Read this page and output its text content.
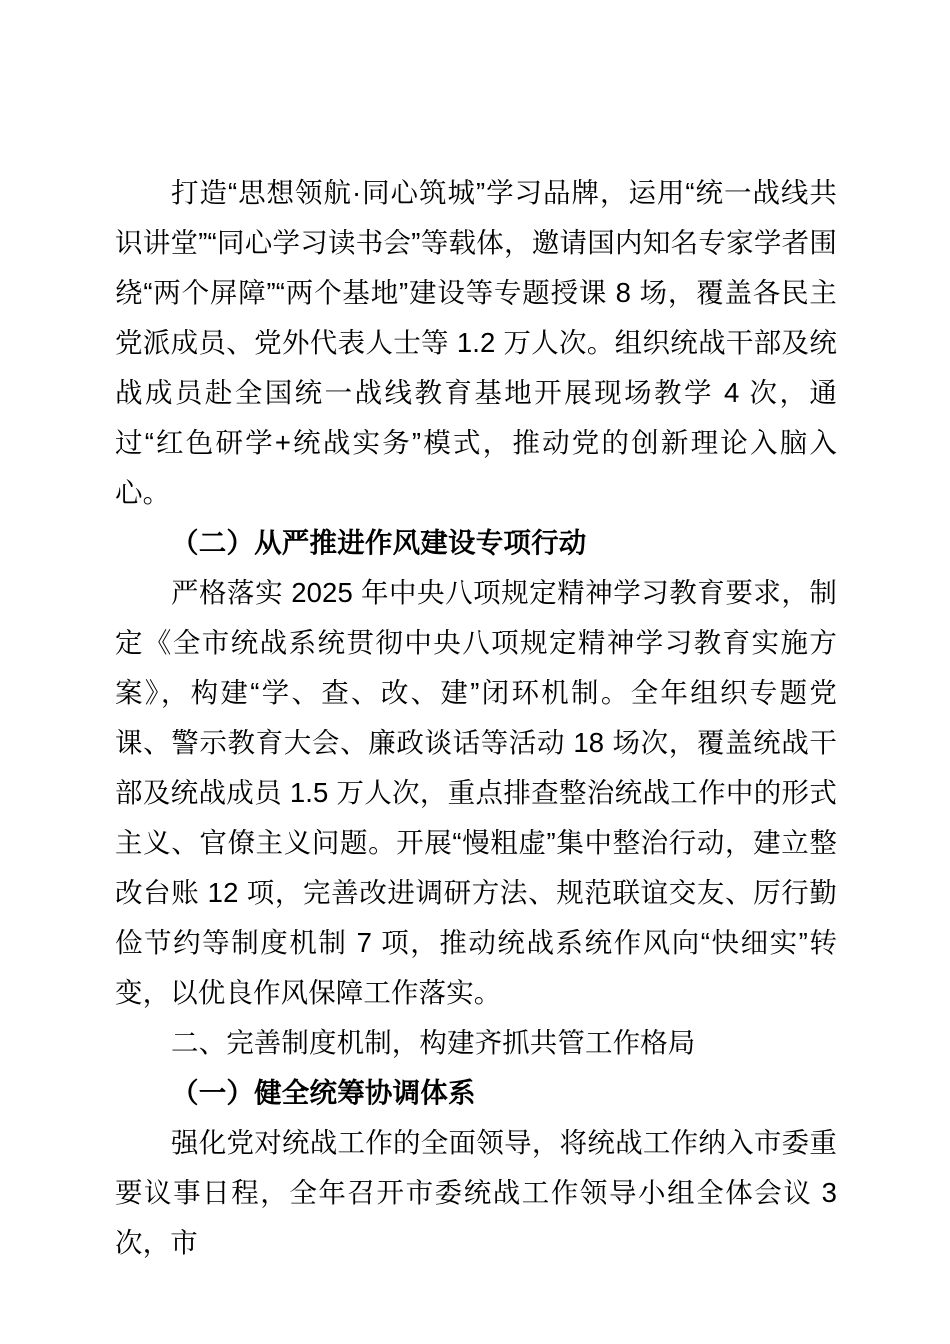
打造“思想领航·同心筑城”学习品牌，运用“统一战线共识讲堂”“同心学习读书会”等载体，邀请国内知名专家学者围绕“两个屏障”“两个基地”建设等专题授课 8 场，覆盖各民主党派成员、党外代表人士等 1.2 万人次。组织统战干部及统战成员赴全国统一战线教育基地开展现场教学 4 次，通过“红色研学+统战实务”模式，推动党的创新理论入脑入心。

（二）从严推进作风建设专项行动

严格落实 2025 年中央八项规定精神学习教育要求，制定《全市统战系统贯彻中央八项规定精神学习教育实施方案》，构建“学、查、改、建”闭环机制。全年组织专题党课、警示教育大会、廉政谈话等活动 18 场次，覆盖统战干部及统战成员 1.5 万人次，重点排查整治统战工作中的形式主义、官僚主义问题。开展“慢粗虚”集中整治行动，建立整改台账 12 项，完善改进调研方法、规范联谊交友、厉行勤俭节约等制度机制 7 项，推动统战系统作风向“快细实”转变，以优良作风保障工作落实。

二、完善制度机制，构建齐抓共管工作格局
（一）健全统筹协调体系

强化党对统战工作的全面领导，将统战工作纳入市委重要议事日程，全年召开市委统战工作领导小组全体会议 3 次，市
